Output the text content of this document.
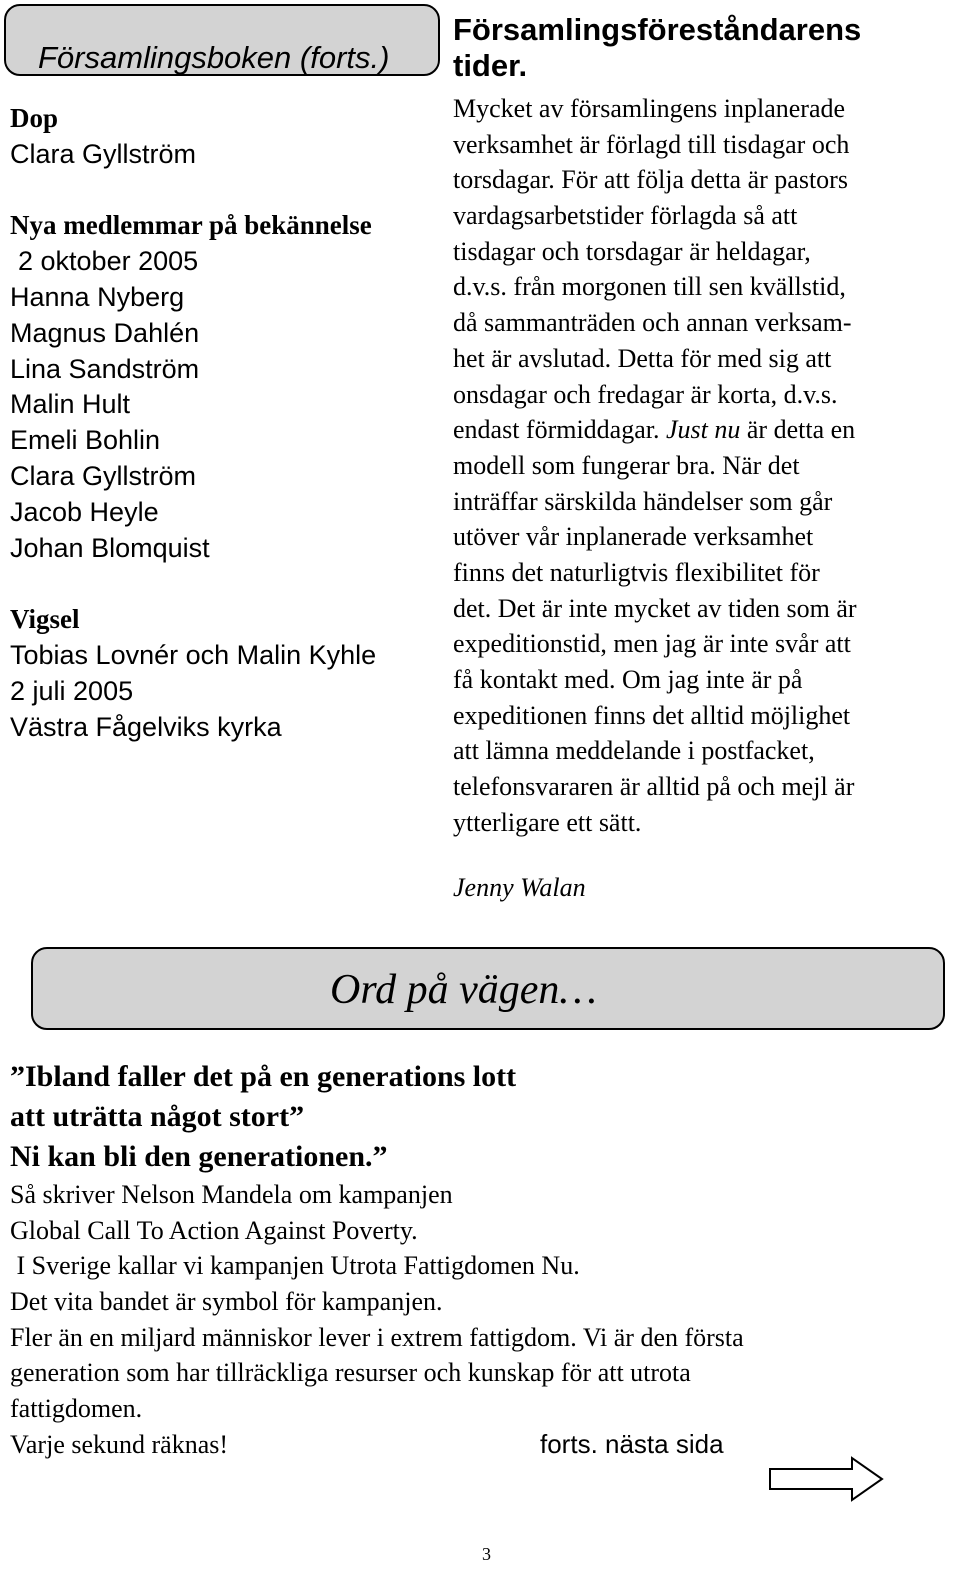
Församlingsboken (forts.)
Dop
Clara Gyllström
Nya medlemmar på bekännelse
2 oktober 2005
Hanna Nyberg
Magnus Dahlén
Lina Sandström
Malin Hult
Emeli Bohlin
Clara Gyllström
Jacob Heyle
Johan Blomquist
Vigsel
Tobias Lovnér och Malin Kyhle
2 juli 2005
Västra Fågelviks kyrka
Församlingsföreståndarens
tider.
Mycket av församlingens inplanerade
verksamhet är förlagd till tisdagar och
torsdagar. För att följa detta är pastors
vardagsarbetstider förlagda så att
tisdagar och torsdagar är heldagar,
d.v.s. från morgonen till sen kvällstid,
då sammanträden och annan verksam-
het är avslutad. Detta för med sig att
onsdagar och fredagar är korta, d.v.s.
endast förmiddagar. Just nu är detta en
modell som fungerar bra. När det
inträffar särskilda händelser som går
utöver vår inplanerade verksamhet
finns det naturligtvis flexibilitet för
det. Det är inte mycket av tiden som är
expeditionstid, men jag är inte svår att
få kontakt med. Om jag inte är på
expeditionen finns det alltid möjlighet
att lämna meddelande i postfacket,
telefonsvararen är alltid på och mejl är
ytterligare ett sätt.
Jenny Walan
Ord på vägen…
”Ibland faller det på en generations lott
att uträtta något stort”
Ni kan bli den generationen.”
Så skriver Nelson Mandela om kampanjen
Global Call To Action Against Poverty.
I Sverige kallar vi kampanjen Utrota Fattigdomen Nu.
Det vita bandet är symbol för kampanjen.
Fler än en miljard människor lever i extrem fattigdom. Vi är den första
generation som har tillräckliga resurser och kunskap för att utrota
fattigdomen.
Varje sekund räknas!	forts. nästa sida
3
